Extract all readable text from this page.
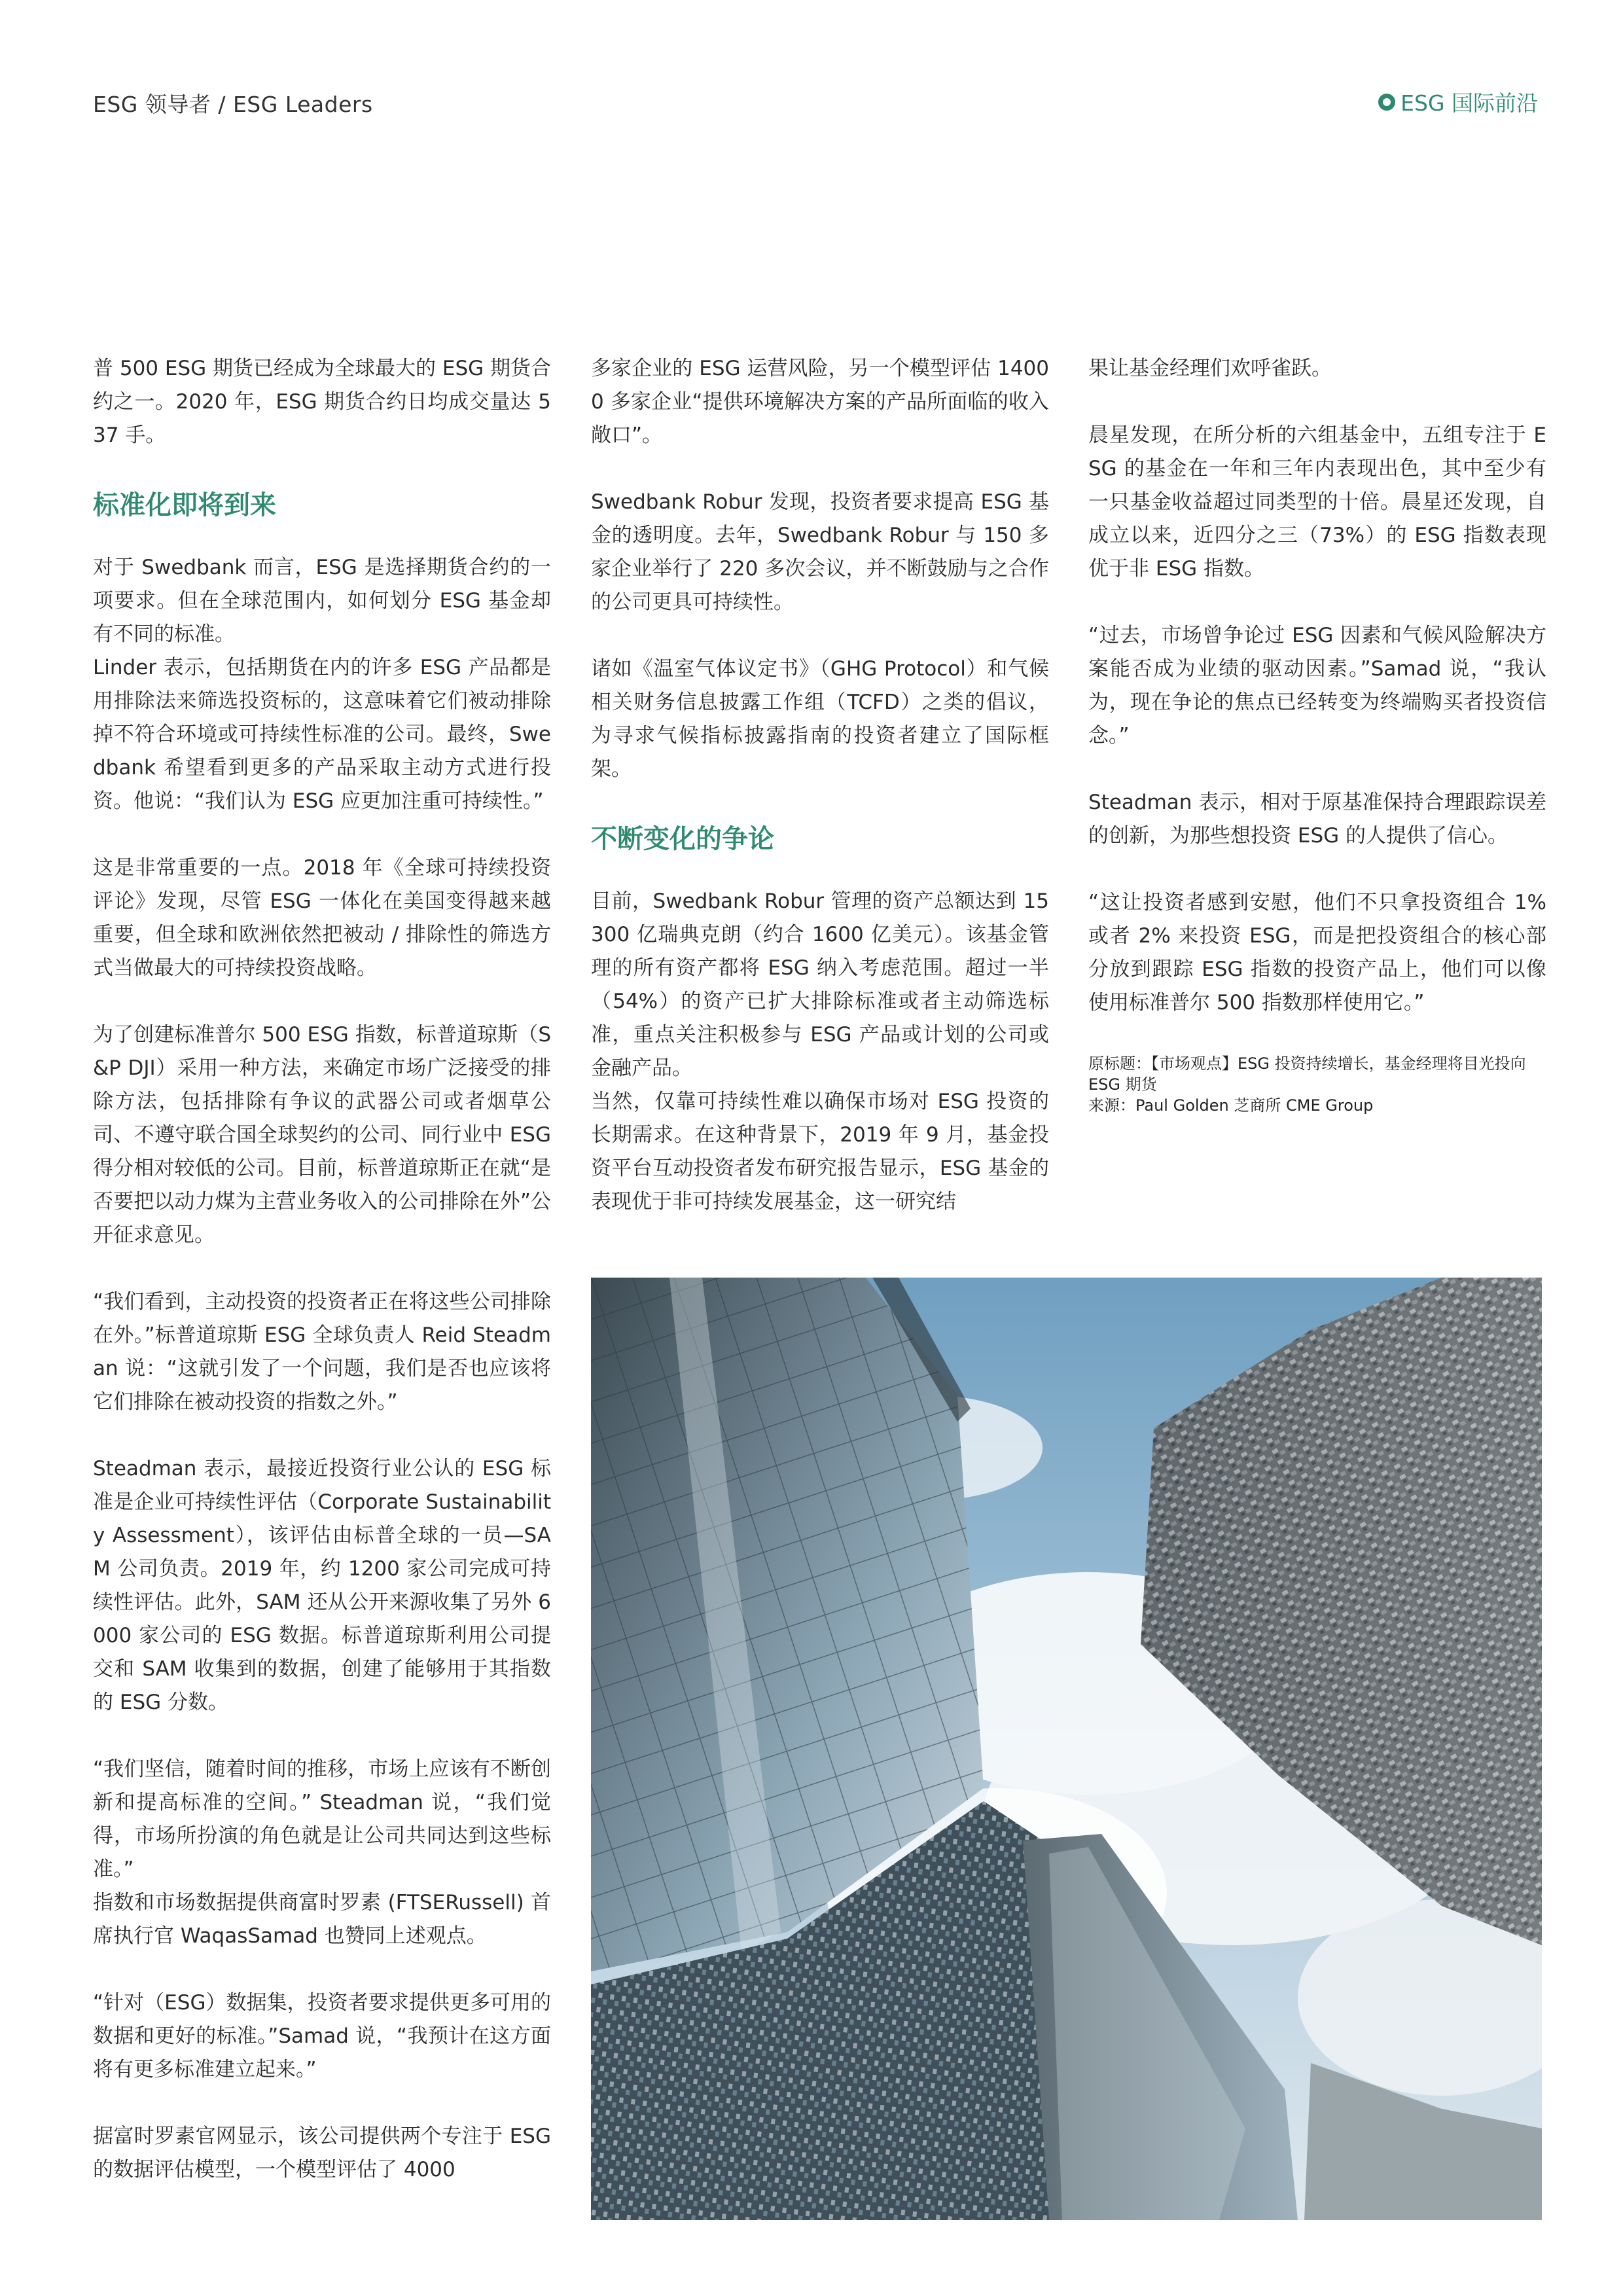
ESG 领导者 / ESG Leaders	ESG 国际前沿

普 500 ESG 期货已经成为全球最大的 ESG 期货合约之一。2020 年，ESG 期货合约日均成交量达 537 手。

标准化即将到来

对于 Swedbank 而言，ESG 是选择期货合约的一项要求。但在全球范围内，如何划分 ESG 基金却有不同的标准。

Linder 表示，包括期货在内的许多 ESG 产品都是用排除法来筛选投资标的，这意味着它们被动排除掉不符合环境或可持续性标准的公司。最终，Swedbank 希望看到更多的产品采取主动方式进行投资。他说：“我们认为 ESG 应更加注重可持续性。”

这是非常重要的一点。2018 年《全球可持续投资评论》发现，尽管 ESG 一体化在美国变得越来越重要，但全球和欧洲依然把被动 / 排除性的筛选方式当做最大的可持续投资战略。

为了创建标准普尔 500 ESG 指数，标普道琼斯（S&P DJI）采用一种方法，来确定市场广泛接受的排除方法，包括排除有争议的武器公司或者烟草公司、不遵守联合国全球契约的公司、同行业中 ESG 得分相对较低的公司。目前，标普道琼斯正在就“是否要把以动力煤为主营业务收入的公司排除在外”公开征求意见。

“我们看到，主动投资的投资者正在将这些公司排除在外。”标普道琼斯 ESG 全球负责人 Reid Steadman 说：“这就引发了一个问题，我们是否也应该将它们排除在被动投资的指数之外。”

Steadman 表示，最接近投资行业公认的 ESG 标准是企业可持续性评估（Corporate Sustainability Assessment），该评估由标普全球的一员—SAM 公司负责。2019 年，约 1200 家公司完成可持续性评估。此外，SAM 还从公开来源收集了另外 6000 家公司的 ESG 数据。标普道琼斯利用公司提交和 SAM 收集到的数据，创建了能够用于其指数的 ESG 分数。

“我们坚信，随着时间的推移，市场上应该有不断创新和提高标准的空间。” Steadman 说，“我们觉得，市场所扮演的角色就是让公司共同达到这些标准。”

指数和市场数据提供商富时罗素 (FTSERussell) 首席执行官 WaqasSamad 也赞同上述观点。

“针对（ESG）数据集，投资者要求提供更多可用的数据和更好的标准。”Samad 说，“我预计在这方面将有更多标准建立起来。”

据富时罗素官网显示，该公司提供两个专注于 ESG 的数据评估模型，一个模型评估了 4000

多家企业的 ESG 运营风险，另一个模型评估 14000 多家企业“提供环境解决方案的产品所面临的收入敞口”。

Swedbank Robur 发现，投资者要求提高 ESG 基金的透明度。去年，Swedbank Robur 与 150 多家企业举行了 220 多次会议，并不断鼓励与之合作的公司更具可持续性。

诸如《温室气体议定书》（GHG Protocol）和气候相关财务信息披露工作组（TCFD）之类的倡议，为寻求气候指标披露指南的投资者建立了国际框架。

不断变化的争论

目前，Swedbank Robur 管理的资产总额达到 15300 亿瑞典克朗（约合 1600 亿美元）。该基金管理的所有资产都将 ESG 纳入考虑范围。超过一半（54%）的资产已扩大排除标准或者主动筛选标准，重点关注积极参与 ESG 产品或计划的公司或金融产品。

当然，仅靠可持续性难以确保市场对 ESG 投资的长期需求。在这种背景下，2019 年 9 月，基金投资平台互动投资者发布研究报告显示，ESG 基金的表现优于非可持续发展基金，这一研究结

果让基金经理们欢呼雀跃。

晨星发现，在所分析的六组基金中，五组专注于 ESG 的基金在一年和三年内表现出色，其中至少有一只基金收益超过同类型的十倍。晨星还发现，自成立以来，近四分之三（73%）的 ESG 指数表现优于非 ESG 指数。

“过去，市场曾争论过 ESG 因素和气候风险解决方案能否成为业绩的驱动因素。”Samad 说，“我认为，现在争论的焦点已经转变为终端购买者投资信念。”

Steadman 表示，相对于原基准保持合理跟踪误差的创新，为那些想投资 ESG 的人提供了信心。

“这让投资者感到安慰，他们不只拿投资组合 1% 或者 2% 来投资 ESG，而是把投资组合的核心部分放到跟踪 ESG 指数的投资产品上，他们可以像使用标准普尔 500 指数那样使用它。”

原标题：【市场观点】ESG 投资持续增长，基金经理将目光投向 ESG 期货
来源：Paul Golden 芝商所 CME Group
